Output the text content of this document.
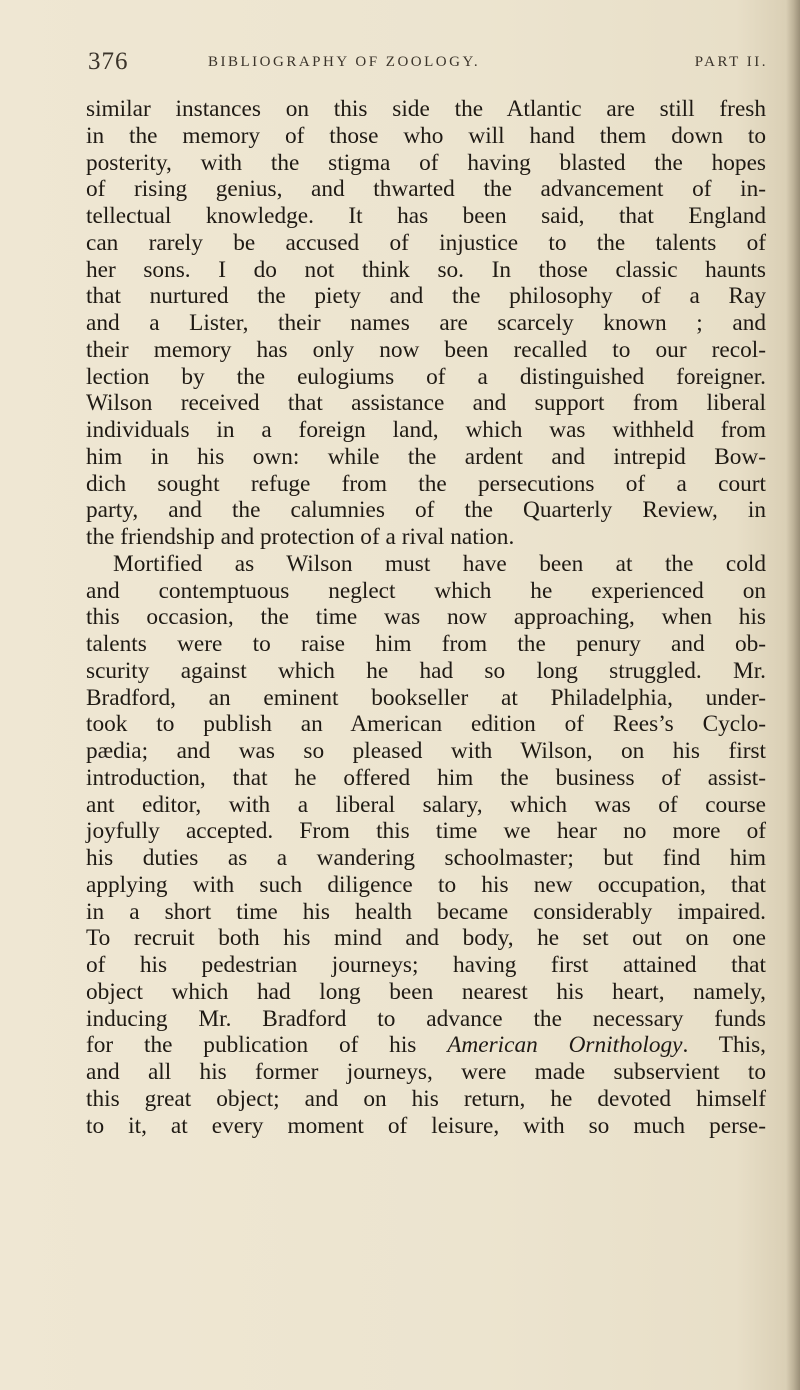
376	BIBLIOGRAPHY OF ZOOLOGY.	PART II.
similar instances on this side the Atlantic are still fresh
in the memory of those who will hand them down to
posterity, with the stigma of having blasted the hopes
of rising genius, and thwarted the advancement of in-
tellectual knowledge. It has been said, that England
can rarely be accused of injustice to the talents of
her sons. I do not think so. In those classic haunts
that nurtured the piety and the philosophy of a Ray
and a Lister, their names are scarcely known ; and
their memory has only now been recalled to our recol-
lection by the eulogiums of a distinguished foreigner.
Wilson received that assistance and support from liberal
individuals in a foreign land, which was withheld from
him in his own: while the ardent and intrepid Bow-
dich sought refuge from the persecutions of a court
party, and the calumnies of the Quarterly Review, in
the friendship and protection of a rival nation.
Mortified as Wilson must have been at the cold
and contemptuous neglect which he experienced on
this occasion, the time was now approaching, when his
talents were to raise him from the penury and ob-
scurity against which he had so long struggled. Mr.
Bradford, an eminent bookseller at Philadelphia, under-
took to publish an American edition of Rees’s Cyclo-
pædia; and was so pleased with Wilson, on his first
introduction, that he offered him the business of assist-
ant editor, with a liberal salary, which was of course
joyfully accepted. From this time we hear no more of
his duties as a wandering schoolmaster; but find him
applying with such diligence to his new occupation, that
in a short time his health became considerably impaired.
To recruit both his mind and body, he set out on one
of his pedestrian journeys; having first attained that
object which had long been nearest his heart, namely,
inducing Mr. Bradford to advance the necessary funds
for the publication of his American Ornithology. This,
and all his former journeys, were made subservient to
this great object; and on his return, he devoted himself
to it, at every moment of leisure, with so much perse-
